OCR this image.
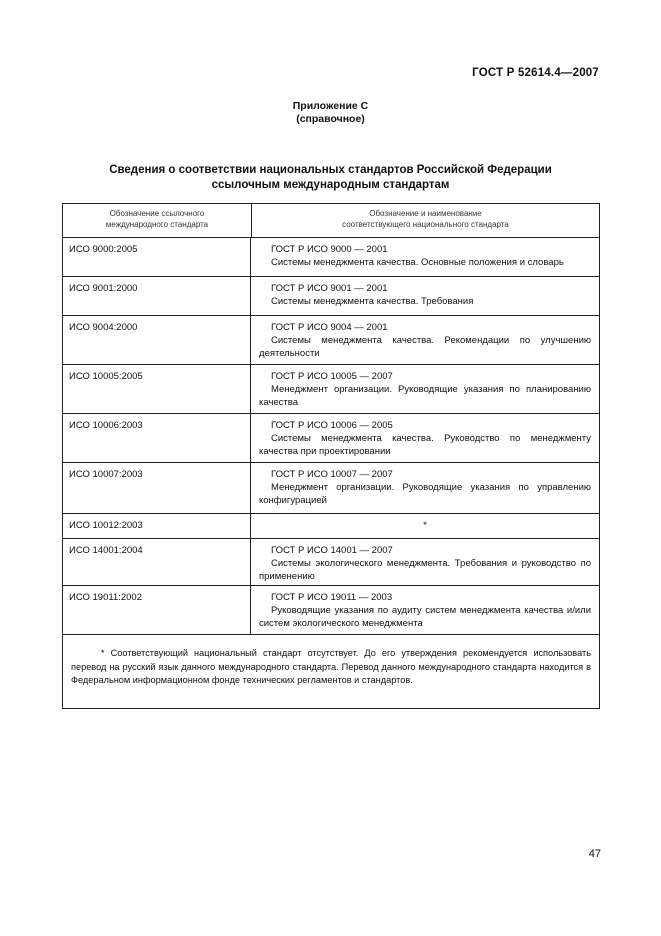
ГОСТ Р 52614.4—2007
Приложение С
(справочное)
Сведения о соответствии национальных стандартов Российской Федерации
ссылочным международным стандартам
Обозначение ссылочного
международного стандарта
Обозначение и наименование
соответствующего национального стандарта
ИСО 9000:2005	ГОСТ Р ИСО 9000 — 2001
Системы менеджмента качества. Основные положения и словарь
ИСО 9001:2000	ГОСТ Р ИСО 9001 — 2001
Системы менеджмента качества. Требования
ИСО 9004:2000	ГОСТ Р ИСО 9004 — 2001
Системы менеджмента качества. Рекомендации по улучшению деятельности
ИСО 10005:2005	ГОСТ Р ИСО 10005 — 2007
Менеджмент организации. Руководящие указания по планированию качества
ИСО 10006:2003	ГОСТ Р ИСО 10006 — 2005
Системы менеджмента качества. Руководство по менеджменту качества при проектировании
ИСО 10007:2003	ГОСТ Р ИСО 10007 — 2007
Менеджмент организации. Руководящие указания по управлению конфигурацией
ИСО 10012:2003	*
ИСО 14001:2004	ГОСТ Р ИСО 14001 — 2007
Системы экологического менеджмента. Требования и руководство по применению
ИСО 19011:2002	ГОСТ Р ИСО 19011 — 2003
Руководящие указания по аудиту систем менеджмента качества и/или систем экологического менеджмента
* Соответствующий национальный стандарт отсутствует. До его утверждения рекомендуется использовать перевод на русский язык данного международного стандарта. Перевод данного международного стандарта находится в Федеральном информационном фонде технических регламентов и стандартов.
47
